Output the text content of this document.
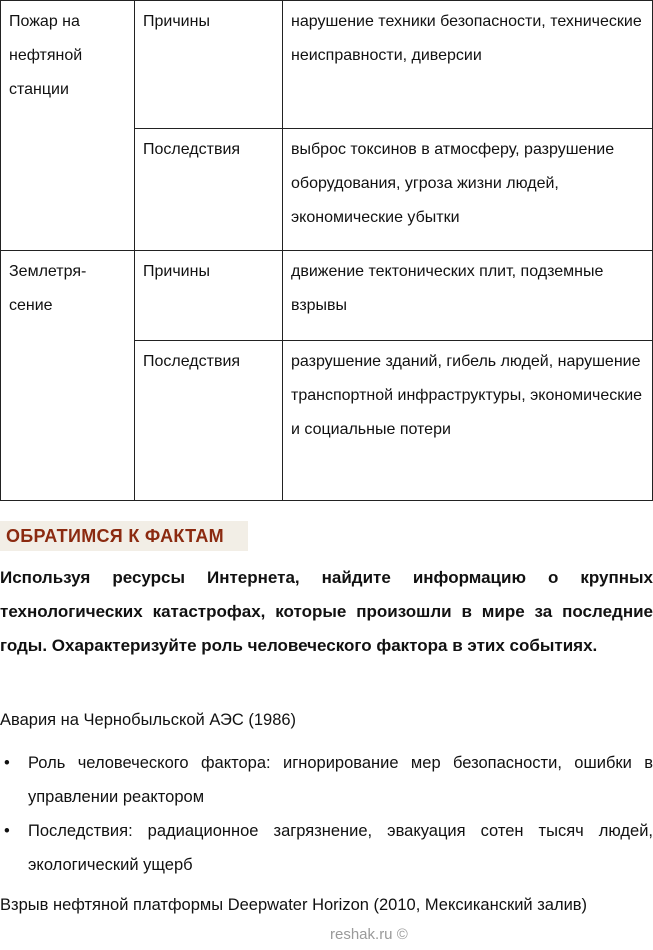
Пожар на нефтяной станции	Причины	нарушение техники безопасности, технические неисправности, диверсии
	Последствия	выброс токсинов в атмосферу, разрушение оборудования, угроза жизни людей, экономические убытки
Землетря-сение	Причины	движение тектонических плит, подземные взрывы
	Последствия	разрушение зданий, гибель людей, нарушение транспортной инфраструктуры, экономические и социальные потери
ОБРАТИМСЯ К ФАКТАМ
Используя ресурсы Интернета, найдите информацию о крупных технологических катастрофах, которые произошли в мире за последние годы. Охарактеризуйте роль человеческого фактора в этих событиях.
Авария на Чернобыльской АЭС (1986)
• Роль человеческого фактора: игнорирование мер безопасности, ошибки в управлении реактором
• Последствия: радиационное загрязнение, эвакуация сотен тысяч людей, экологический ущерб
Взрыв нефтяной платформы Deepwater Horizon (2010, Мексиканский залив)
reshak.ru ©
